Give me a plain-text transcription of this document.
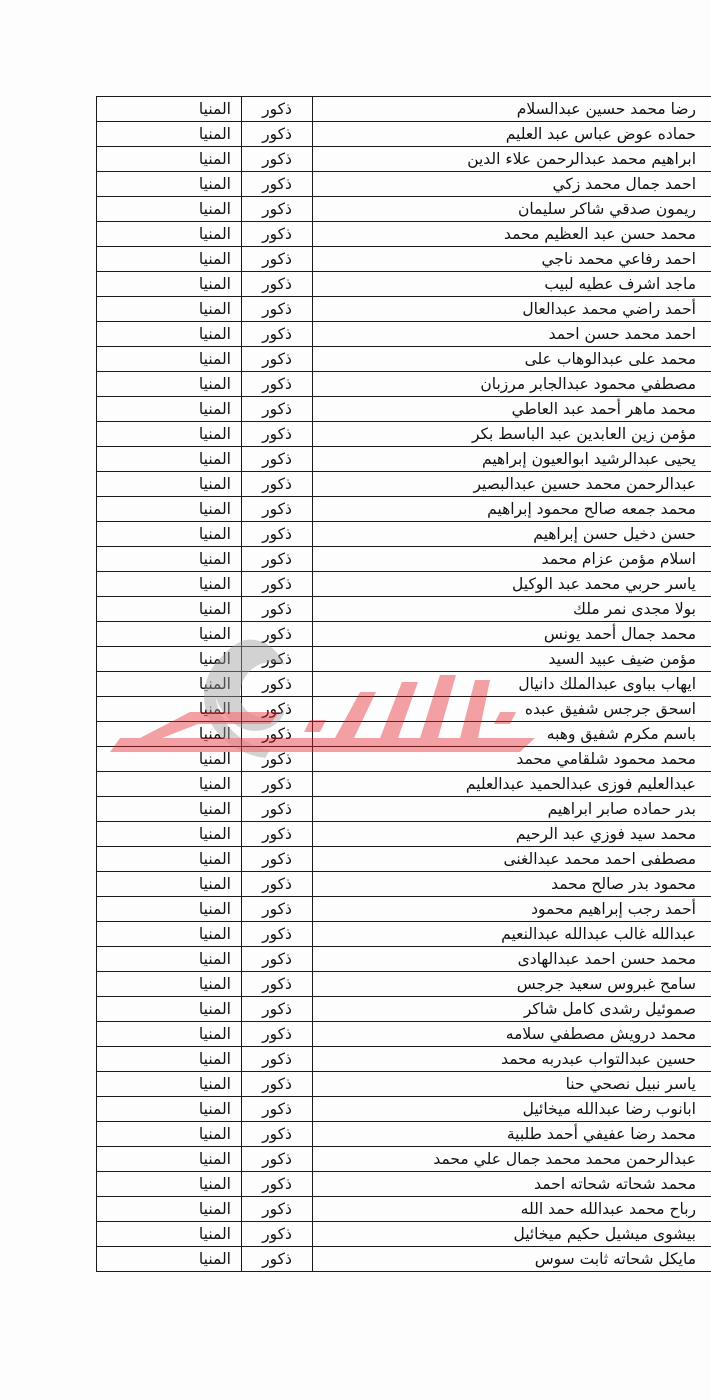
رضا محمد حسين عبدالسلام	ذكور	المنيا
حماده عوض عباس عبد العليم	ذكور	المنيا
ابراهيم محمد عبدالرحمن علاء الدين	ذكور	المنيا
احمد جمال محمد زكي	ذكور	المنيا
ريمون صدقي شاكر سليمان	ذكور	المنيا
محمد حسن عبد العظيم محمد	ذكور	المنيا
احمد رفاعي محمد ناجي	ذكور	المنيا
ماجد اشرف عطيه لبيب	ذكور	المنيا
أحمد راضي محمد عبدالعال	ذكور	المنيا
احمد محمد حسن احمد	ذكور	المنيا
محمد على عبدالوهاب على	ذكور	المنيا
مصطفي محمود عبدالجابر مرزبان	ذكور	المنيا
محمد ماهر أحمد عبد العاطي	ذكور	المنيا
مؤمن زين العابدين عبد الباسط بكر	ذكور	المنيا
يحيى عبدالرشيد ابوالعيون إبراهيم	ذكور	المنيا
عبدالرحمن محمد حسين عبدالبصير	ذكور	المنيا
محمد جمعه صالح محمود إبراهيم	ذكور	المنيا
حسن دخيل حسن إبراهيم	ذكور	المنيا
اسلام مؤمن عزام محمد	ذكور	المنيا
ياسر حربي محمد عبد الوكيل	ذكور	المنيا
بولا مجدى نمر ملك	ذكور	المنيا
محمد جمال أحمد يونس	ذكور	المنيا
مؤمن ضيف عبيد السيد	ذكور	المنيا
ايهاب بباوى عبدالملك دانيال	ذكور	المنيا
اسحق جرجس شفيق عبده	ذكور	المنيا
باسم مكرم شفيق وهبه	ذكور	المنيا
محمد محمود شلقامي محمد	ذكور	المنيا
عبدالعليم فوزى عبدالحميد عبدالعليم	ذكور	المنيا
بدر حماده صابر ابراهيم	ذكور	المنيا
محمد سيد فوزي عبد الرحيم	ذكور	المنيا
مصطفى احمد محمد عبدالغنى	ذكور	المنيا
محمود بدر صالح محمد	ذكور	المنيا
أحمد رجب إبراهيم محمود	ذكور	المنيا
عبدالله غالب عبدالله عبدالنعيم	ذكور	المنيا
محمد حسن احمد عبدالهادى	ذكور	المنيا
سامح غبروس سعيد جرجس	ذكور	المنيا
صموئيل رشدى كامل شاكر	ذكور	المنيا
محمد درويش مصطفي سلامه	ذكور	المنيا
حسين عبدالتواب عبدربه محمد	ذكور	المنيا
ياسر نبيل نصحي حنا	ذكور	المنيا
ابانوب رضا عبدالله ميخائيل	ذكور	المنيا
محمد رضا عفيفي أحمد طلبية	ذكور	المنيا
عبدالرحمن محمد محمد جمال علي محمد	ذكور	المنيا
محمد شحاته شحاته احمد	ذكور	المنيا
رباح محمد عبدالله حمد الله	ذكور	المنيا
بيشوى ميشيل حكيم ميخائيل	ذكور	المنيا
مايكل شحاته ثابت سوس	ذكور	المنيا
